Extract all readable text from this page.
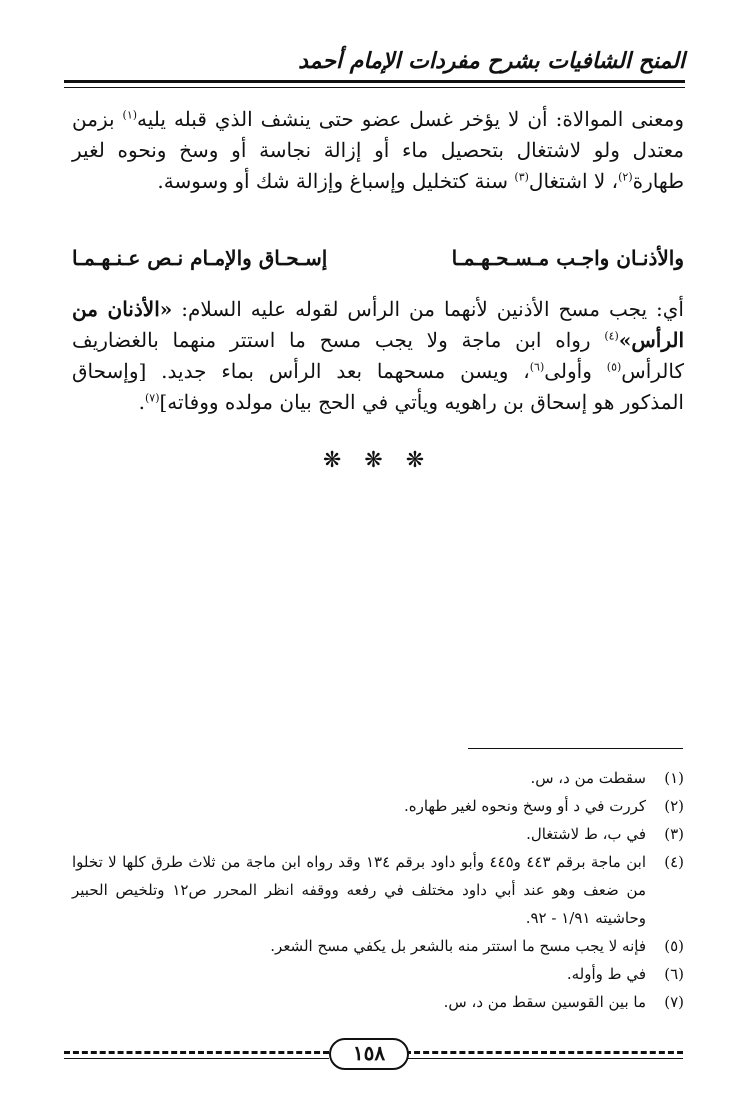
المنح الشافيات بشرح مفردات الإمام أحمد
ومعنى الموالاة: أن لا يؤخر غسل عضو حتى ينشف الذي قبله يليه$^{(١)}$ بزمن معتدل ولو لاشتغال بتحصيل ماء أو إزالة نجاسة أو وسخ ونحوه لغير طهارة$^{(٢)}$، لا اشتغال$^{(٣)}$ سنة كتخليل وإسباغ وإزالة شك أو وسوسة.
والأذنـان واجـب مـسـحـهـمـا
إسـحـاق والإمـام نـص عـنـهـمـا
أي: يجب مسح الأذنين لأنهما من الرأس لقوله عليه السلام: «الأذنان من الرأس»$^{(٤)}$ رواه ابن ماجة ولا يجب مسح ما استتر منهما بالغضاريف كالرأس$^{(٥)}$ وأولى$^{(٦)}$، ويسن مسحهما بعد الرأس بماء جديد. [وإسحاق المذكور هو إسحاق بن راهويه ويأتي في الحج بيان مولده ووفاته]$^{(٧)}$.
❋ ❋ ❋
(١)
سقطت من د، س.
(٢)
كررت في د أو وسخ ونحوه لغير طهاره.
(٣)
في ب، ط لاشتغال.
(٤)
ابن ماجة برقم ٤٤٣ و٤٤٥ وأبو داود برقم ١٣٤ وقد رواه ابن ماجة من ثلاث طرق كلها لا تخلوا من ضعف وهو عند أبي داود مختلف في رفعه ووقفه انظر المحرر ص١٢ وتلخيص الحبير وحاشيته ١/٩١ - ٩٢.
(٥)
فإنه لا يجب مسح ما استتر منه بالشعر بل يكفي مسح الشعر.
(٦)
في ط وأوله.
(٧)
ما بين القوسين سقط من د، س.
١٥٨
